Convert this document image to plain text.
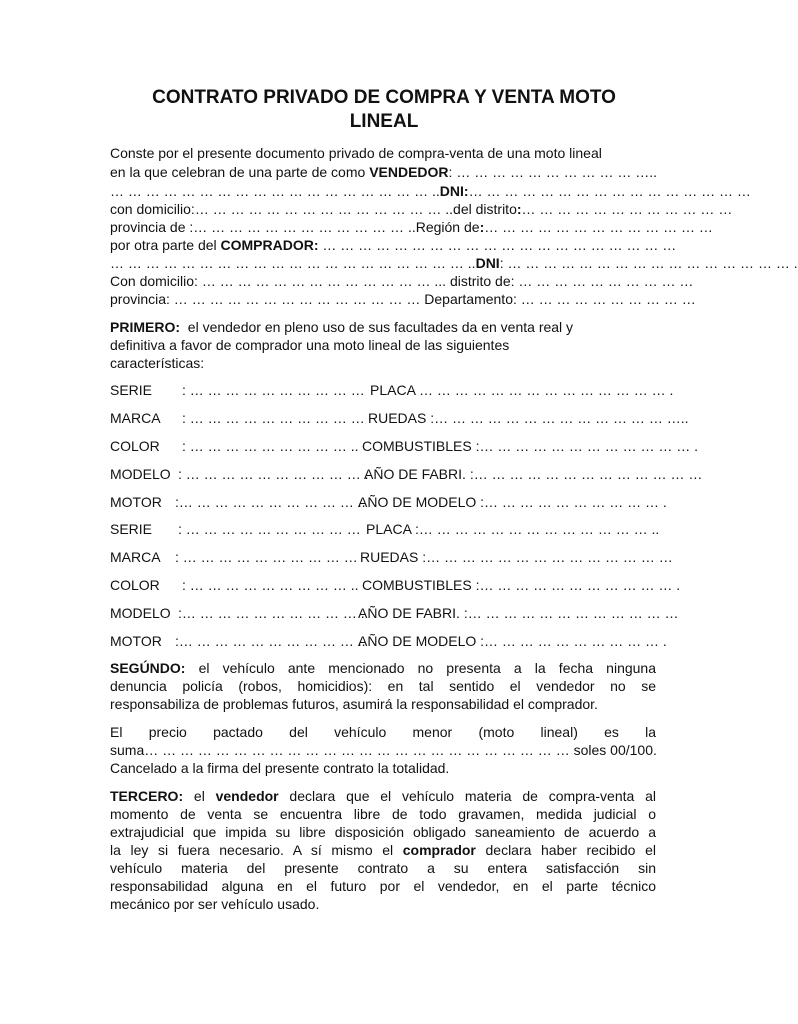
CONTRATO PRIVADO DE COMPRA Y VENTA MOTO
LINEAL
Conste por el presente documento privado de compra-venta de una moto lineal
en la que celebran de una parte de como VENDEDOR: … … … … … … … … … … …..
… … … … … … … … … … … … … … … … … … ..DNI:… … … … … … … … … … … … … … … …
con domicilio:… … … … … … … … … … … … … … ..del distrito:… … … … … … … … … … … …
provincia de :… … … … … … … … … … … … ..Región de:… … … … … … … … … … … … …
por otra parte del COMPRADOR: … … … … … … … … … … … … … … … … … … … …
… … … … … … … … … … … … … … … … … … … … ..DNI: … … … … … … … … … … … … … … … … .
Con domicilio: … … … … … … … … … … … … … ... distrito de: … … … … … … … … … …
provincia: … … … … … … … … … … … … … … Departamento: … … … … … … … … … …
PRIMERO: el vendedor en pleno uso de sus facultades da en venta real y
definitiva a favor de comprador una moto lineal de las siguientes
características:
SERIE : … … … … … … … … … … PLACA … … … … … … … … … … … … … … .
MARCA : … … … … … … … … … … RUEDAS :… … … … … … … … … … … … … …..
COLOR : … … … … … … … … … .. COMBUSTIBLES :… … … … … … … … … … … … .
MODELO : … … … … … … … … … … .
AÑO DE FABRI. :… … … … … … … … … … … … …
MOTOR :… … … … … … … … … … ..
AÑO DE MODELO :… … … … … … … … … … .
SERIE : … … … … … … … … … … PLACA :… … … … … … … … … … … … … ..
MARCA : … … … … … … … … … … RUEDAS :… … … … … … … … … … … … … …
COLOR : … … … … … … … … … .. COMBUSTIBLES :… … … … … … … … … … … .
MODELO :… … … … … … … … … … .
AÑO DE FABRI. :… … … … … … … … … … … …
MOTOR :… … … … … … … … … … ..
AÑO DE MODELO :… … … … … … … … … … .
SEGÚNDO: el vehículo ante mencionado no presenta a la fecha ninguna
denuncia policía (robos, homicidios): en tal sentido el vendedor no se
responsabiliza de problemas futuros, asumirá la responsabilidad el comprador.
El precio pactado del vehículo menor (moto lineal) es la
suma… … … … … … … … … … … … … … … … … … … … … … … … soles 00/100.
Cancelado a la firma del presente contrato la totalidad.
TERCERO: el vendedor declara que el vehículo materia de compra-venta al
momento de venta se encuentra libre de todo gravamen, medida judicial o
extrajudicial que impida su libre disposición obligado saneamiento de acuerdo a
la ley si fuera necesario. A sí mismo el comprador declara haber recibido el
vehículo materia del presente contrato a su entera satisfacción sin
responsabilidad alguna en el futuro por el vendedor, en el parte técnico
mecánico por ser vehículo usado.
